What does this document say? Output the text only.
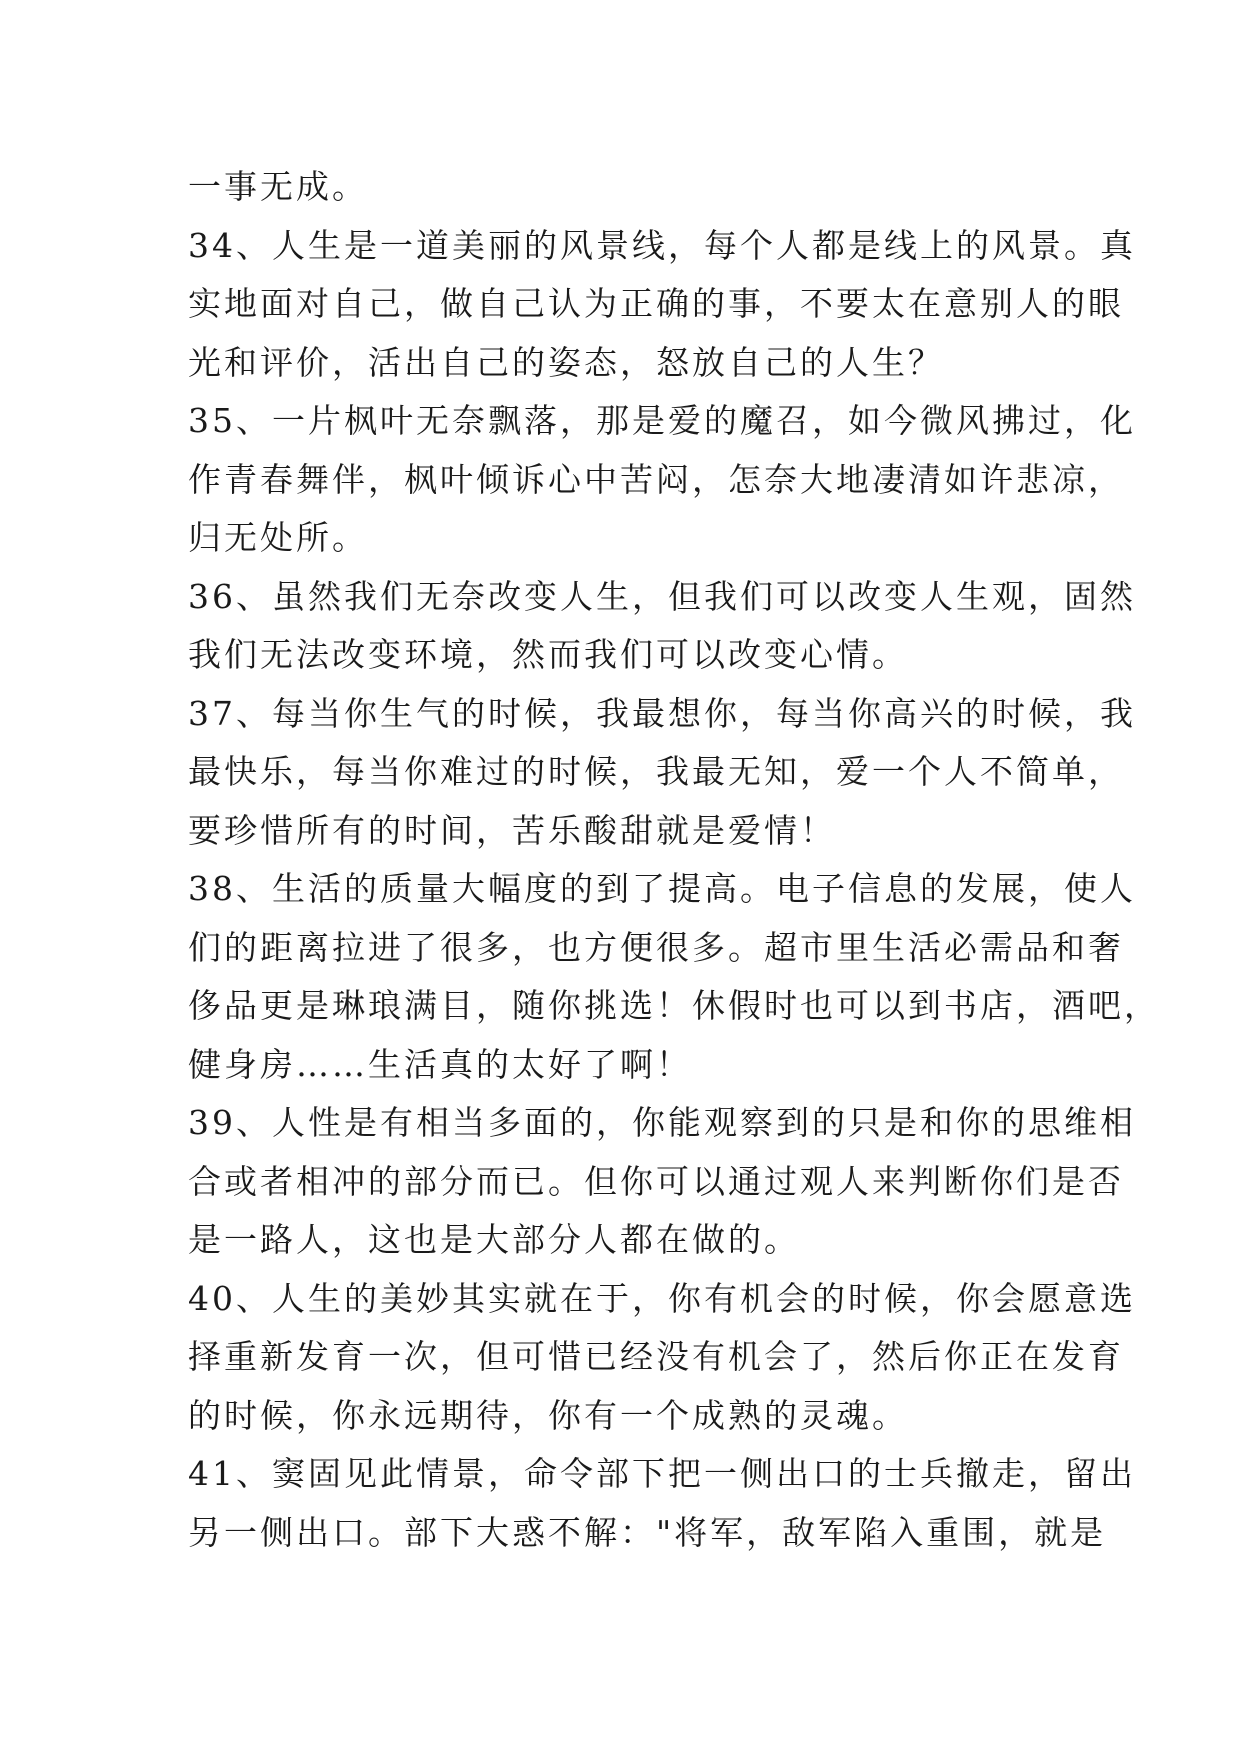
一事无成。
34、人生是一道美丽的风景线，每个人都是线上的风景。真
实地面对自己，做自己认为正确的事，不要太在意别人的眼
光和评价，活出自己的姿态，怒放自己的人生？
35、一片枫叶无奈飘落，那是爱的魔召，如今微风拂过，化
作青春舞伴，枫叶倾诉心中苦闷，怎奈大地凄清如许悲凉，
归无处所。
36、虽然我们无奈改变人生，但我们可以改变人生观，固然
我们无法改变环境，然而我们可以改变心情。
37、每当你生气的时候，我最想你，每当你高兴的时候，我
最快乐，每当你难过的时候，我最无知，爱一个人不简单，
要珍惜所有的时间，苦乐酸甜就是爱情！
38、生活的质量大幅度的到了提高。电子信息的发展，使人
们的距离拉进了很多，也方便很多。超市里生活必需品和奢
侈品更是琳琅满目，随你挑选！休假时也可以到书店，酒吧，
健身房……生活真的太好了啊！
39、人性是有相当多面的，你能观察到的只是和你的思维相
合或者相冲的部分而已。但你可以通过观人来判断你们是否
是一路人，这也是大部分人都在做的。
40、人生的美妙其实就在于，你有机会的时候，你会愿意选
择重新发育一次，但可惜已经没有机会了，然后你正在发育
的时候，你永远期待，你有一个成熟的灵魂。
41、窦固见此情景，命令部下把一侧出口的士兵撤走，留出
另一侧出口。部下大惑不解："将军，敌军陷入重围，就是
